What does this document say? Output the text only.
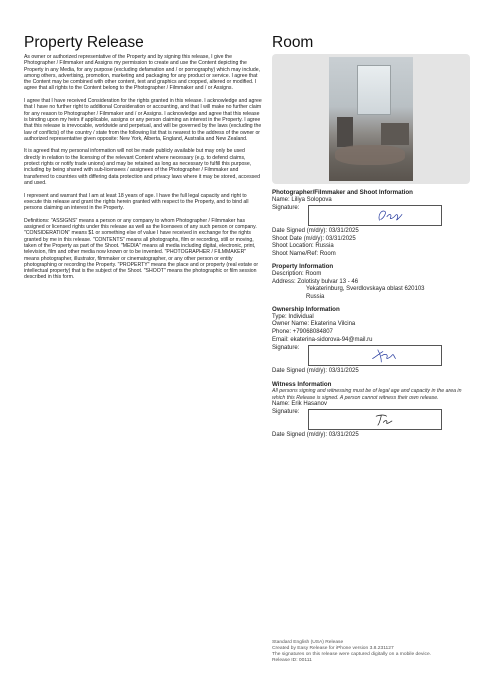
Property Release

As owner or authorized representative of the Property and by signing this release, I give the Photographer / Filmmaker and Assigns my permission to create and use the Content depicting the Property in any Media, for any purpose (excluding defamation and / or pornography) which may include, among others, advertising, promotion, marketing and packaging for any product or service. I agree that the Content may be combined with other content, text and graphics and cropped, altered or modified. I agree that all rights to the Content belong to the Photographer / Filmmaker and / or Assigns.

I agree that I have received Consideration for the rights granted in this release. I acknowledge and agree that I have no further right to additional Consideration or accounting, and that I will make no further claim for any reason to Photographer / Filmmaker and / or Assigns. I acknowledge and agree that this release is binding upon my heirs if applicable, assigns or any person claiming an interest in the Property. I agree that this release is irrevocable, worldwide and perpetual, and will be governed by the laws (excluding the law of conflicts) of the country / state from the following list that is nearest to the address of the owner or authorized representative given opposite: New York, Alberta, England, Australia and New Zealand.

It is agreed that my personal information will not be made publicly available but may only be used directly in relation to the licensing of the relevant Content where necessary (e.g. to defend claims, protect rights or notify trade unions) and may be retained as long as necessary to fulfill this purpose, including by being shared with sub-licensees / assignees of the Photographer / Filmmaker and transferred to countries with differing data protection and privacy laws where it may be stored, accessed and used.

I represent and warrant that I am at least 18 years of age. I have the full legal capacity and right to execute this release and grant the rights herein granted with respect to the Property, and to bind all persons claiming an interest in the Property.

Definitions: "ASSIGNS" means a person or any company to whom Photographer / Filmmaker has assigned or licensed rights under this release as well as the licensees of any such person or company. "CONSIDERATION" means $1 or something else of value I have received in exchange for the rights granted by me in this release. "CONTENTS" means all photographs, film or recording, still or moving, taken of the Property as part of the Shoot. "MEDIA" means all media including digital, electronic, print, television, film and other media now known or to be invented. "PHOTOGRAPHER / FILMMAKER" means photographer, illustrator, filmmaker or cinematographer, or any other person or entity photographing or recording the Property. "PROPERTY" means the place and or property (real estate or intellectual property) that is the subject of the Shoot. "SHOOT" means the photographic or film session described in this form.

Room
Photographer/Filmmaker and Shoot Information
Name: Liliya Solopova
Signature:
Date Signed (m/d/y): 03/31/2025
Shoot Date (m/d/y): 03/31/2025
Shoot Location: Russia
Shoot Name/Ref: Room
Property Information
Description: Room
Address: Zolotisty bulvar 13 - 46
Yekaterinburg, Sverdlovskaya oblast 620103
Russia
Ownership Information
Type: Individual
Owner Name: Ekaterina Vilcina
Phone: +79068084807
Email: ekaterina-sidorova-94@mail.ru
Signature:
Date Signed (m/d/y): 03/31/2025
Witness Information
All persons signing and witnessing must be of legal age and capacity in the area in which this Release is signed. A person cannot witness their own release.
Name: Erik Hasanov
Signature:
Date Signed (m/d/y): 03/31/2025
Standard English (USA) Release
Created by Easy Release for iPhone version 3.8.231127
The signatures on this release were captured digitally on a mobile device.
Release ID: 00111
